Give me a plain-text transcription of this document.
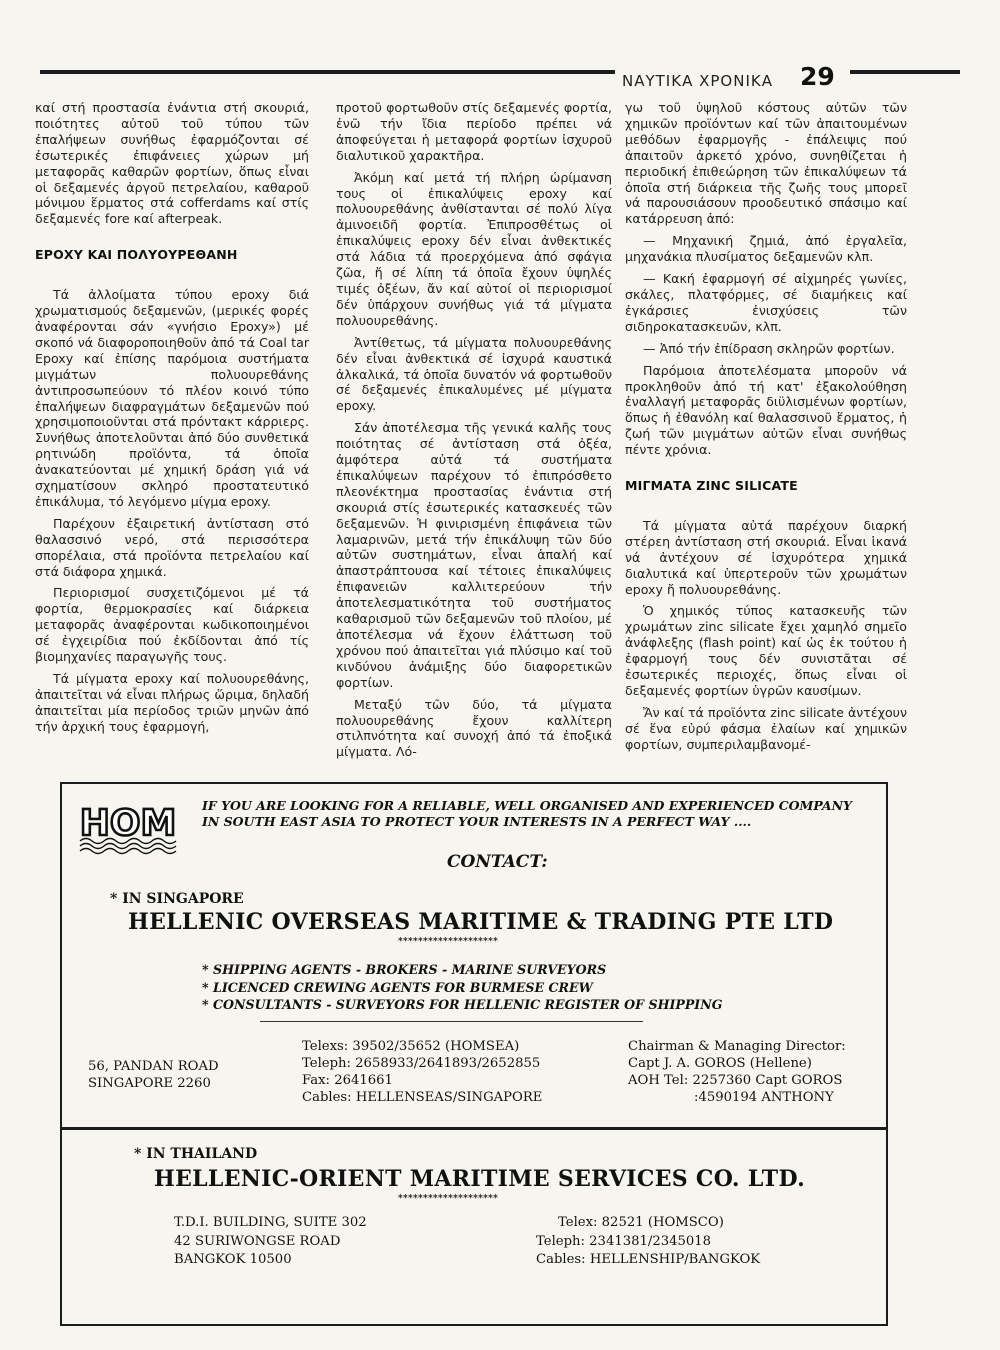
ΝΑΥΤΙΚΑ ΧΡΟΝΙΚΑ 29

καί στή προστασία ἐνάντια στή σκουριά, ποιότητες αὐτοῦ τοῦ τύπου τῶν ἐπαλήψεων συνήθως ἐφαρμόζονται σέ ἐσωτερικές ἐπιφάνειες χώρων μή μεταφορᾶς καθαρῶν φορτίων, ὅπως εἶναι οἱ δεξαμενές ἀργοῦ πετρελαίου, καθαροῦ μόνιμου ἕρματος στά cofferdams καί στίς δεξαμενές fore καί afterpeak.

ΕΡΟΧΥ ΚΑΙ ΠΟΛΥΟΥΡΕΘΑΝΗ

Τά ἀλλοίματα τύπου epoxy διά χρωματισμούς δεξαμενῶν, (μερικές φορές ἀναφέρονται σάν «γνήσιο Epoxy») μέ σκοπό νά διαφοροποιηθοῦν ἀπό τά Coal tar Epoxy καί ἐπίσης παρόμοια συστήματα μιγμάτων πολυουρεθάνης ἀντιπροσωπεύουν τό πλέον κοινό τύπο ἐπαλήψεων διαφραγμάτων δεξαμενῶν πού χρησιμοποιοῦνται στά πρόντακτ κάρριερς. Συνήθως ἀποτελοῦνται ἀπό δύο συνθετικά ρητινώδη προϊόντα, τά ὁποῖα ἀνακατεύονται μέ χημική δράση γιά νά σχηματίσουν σκληρό προστατευτικό ἐπικάλυμα, τό λεγόμενο μίγμα epoxy.

Παρέχουν ἐξαιρετική ἀντίσταση στό θαλασσινό νερό, στά περισσότερα σποpέλαια, στά προϊόντα πετρελαίου καί στά διάφορα χημικά.

Περιορισμοί συσχετιζόμενοι μέ τά φορτία, θερμοκρασίες καί διάρκεια μεταφορᾶς ἀναφέρονται κωδικοποιημένοι σέ ἐγχειρίδια πού ἐκδίδονται ἀπό τίς βιομηχανίες παραγωγῆς τους.

Τά μίγματα epoxy καί πολυουρεθάνης, ἀπαιτεῖται νά εἶναι πλήρως ὥριμα, δηλαδή ἀπαιτεῖται μία περίοδος τριῶν μηνῶν ἀπό τήν ἀρχική τους ἐφαρμογή,

προτοῦ φορτωθοῦν στίς δεξαμενές φορτία, ἐνῶ τήν ἴδια περίοδο πρέπει νά ἀποφεύγεται ἡ μεταφορά φορτίων ἰσχυροῦ διαλυτικοῦ χαρακτῆρα.

Ἀκόμη καί μετά τή πλήρη ὡρίμανση τους οἱ ἐπικαλύψεις epoxy καί πολυουρεθάνης ἀνθίστανται σέ πολύ λίγα ἀμινοειδῆ φορτία. Ἐπιπροσθέτως οἱ ἐπικαλύψεις epoxy δέν εἶναι ἀνθεκτικές στά λάδια τά προερχόμενα ἀπό σφάγια ζῶα, ἤ σέ λίπη τά ὁποῖα ἔχουν ὑψηλές τιμές ὀξέων, ἄν καί αὐτοί οἱ περιορισμοί δέν ὑπάρχουν συνήθως γιά τά μίγματα πολυουρεθάνης.

Ἀντίθετως, τά μίγματα πολυουρεθάνης δέν εἶναι ἀνθεκτικά σέ ἰσχυρά καυστικά ἀλκαλικά, τά ὁποῖα δυνατόν νά φορτωθοῦν σέ δεξαμενές ἐπικαλυμένες μέ μίγματα epoxy.

Σάν ἀποτέλεσμα τῆς γενικά καλῆς τους ποιότητας σέ ἀντίσταση στά ὀξέα, ἀμφότερα αὐτά τά συστήματα ἐπικαλύψεων παρέχουν τό ἐπιπρόσθετο πλεονέκτημα προστασίας ἐνάντια στή σκουριά στίς ἐσωτερικές κατασκευές τῶν δεξαμενῶν. Ἡ φινιρισμένη ἐπιφάνεια τῶν λαμαρινῶν, μετά τήν ἐπικάλυψη τῶν δύο αὐτῶν συστημάτων, εἶναι ἁπαλή καί ἀπαστράπτουσα καί τέτοιες ἐπικαλύψεις ἐπιφανειῶν καλλιτερεύουν τήν ἀποτελεσματικότητα τοῦ συστήματος καθαρισμοῦ τῶν δεξαμενῶν τοῦ πλοίου, μέ ἀποτέλεσμα νά ἔχουν ἐλάττωση τοῦ χρόνου πού ἀπαιτεῖται γιά πλύσιμο καί τοῦ κινδύνου ἀνάμιξης δύο διαφορετικῶν φορτίων.

Μεταξύ τῶν δύο, τά μίγματα πολυουρεθάνης ἔχουν καλλίτερη στιλπνότητα καί συνοχή ἀπό τά ἐποξικά μίγματα. Λό-

γω τοῦ ὑψηλοῦ κόστους αὐτῶν τῶν χημικῶν προϊόντων καί τῶν ἀπαιτουμένων μεθόδων ἐφαρμογῆς - ἐπάλειψις πού ἀπαιτοῦν ἀρκετό χρόνο, συνηθίζεται ἡ περιοδική ἐπιθεώρηση τῶν ἐπικαλύψεων τά ὁποῖα στή διάρκεια τῆς ζωῆς τους μπορεῖ νά παρουσιάσουν προοδευτικό σπάσιμο καί κατάρρευση ἀπό:

— Μηχανική ζημιά, ἀπό ἐργαλεῖα, μηχανάκια πλυσίματος δεξαμενῶν κλπ.

— Κακή ἐφαρμογή σέ αἰχμηρές γωνίες, σκάλες, πλατφόρμες, σέ διαμήκεις καί ἐγκάρσιες ἐνισχύσεις τῶν σιδηροκατασκευῶν, κλπ.

— Ἀπό τήν ἐπίδραση σκληρῶν φορτίων.

Παρόμοια ἀποτελέσματα μποροῦν νά προκληθοῦν ἀπό τή κατ' ἐξακολούθηση ἐναλλαγή μεταφορᾶς διϋλισμένων φορτίων, ὅπως ἡ ἐθανόλη καί θαλασσινοῦ ἕρματος, ἡ ζωή τῶν μιγμάτων αὐτῶν εἶναι συνήθως πέντε χρόνια.

ΜΙΓΜΑΤΑ ZINC SILICATE

Τά μίγματα αὐτά παρέχουν διαρκή στέρεη ἀντίσταση στή σκουριά. Εἶναι ἱκανά νά ἀντέχουν σέ ἰσχυρότερα χημικά διαλυτικά καί ὑπερτεροῦν τῶν χρωμάτων epoxy ἤ πολυουρεθάνης.

Ὁ χημικός τύπος κατασκευῆς τῶν χρωμάτων zinc silicate ἔχει χαμηλό σημεῖο ἀνάφλεξης (flash point) καί ὡς ἐκ τούτου ἡ ἐφαρμογή τους δέν συνιστᾶται σέ ἐσωτερικές περιοχές, ὅπως εἶναι οἱ δεξαμενές φορτίων ὑγρῶν καυσίμων.

Ἄν καί τά προϊόντα zinc silicate ἀντέχουν σέ ἕνα εὐρύ φάσμα ἐλαίων καί χημικῶν φορτίων, συμπεριλαμβανομέ-

HOM IF YOU ARE LOOKING FOR A RELIABLE, WELL ORGANISED AND EXPERIENCED COMPANY IN SOUTH EAST ASIA TO PROTECT YOUR INTERESTS IN A PERFECT WAY ....
CONTACT:
* IN SINGAPORE
HELLENIC OVERSEAS MARITIME & TRADING PTE LTD
********************
* SHIPPING AGENTS - BROKERS - MARINE SURVEYORS
* LICENCED CREWING AGENTS FOR BURMESE CREW
* CONSULTANTS - SURVEYORS FOR HELLENIC REGISTER OF SHIPPING
56, PANDAN ROAD
SINGAPORE 2260
Telexs: 39502/35652 (HOMSEA)
Teleph: 2658933/2641893/2652855
Fax: 2641661
Cables: HELLENSEAS/SINGAPORE
Chairman & Managing Director:
Capt J. A. GOROS (Hellene)
AOH Tel: 2257360 Capt GOROS
:4590194 ANTHONY
* IN THAILAND
HELLENIC-ORIENT MARITIME SERVICES CO. LTD.
********************
T.D.I. BUILDING, SUITE 302
42 SURIWONGSE ROAD
BANGKOK 10500
Telex: 82521 (HOMSCO)
Teleph: 2341381/2345018
Cables: HELLENSHIP/BANGKOK
